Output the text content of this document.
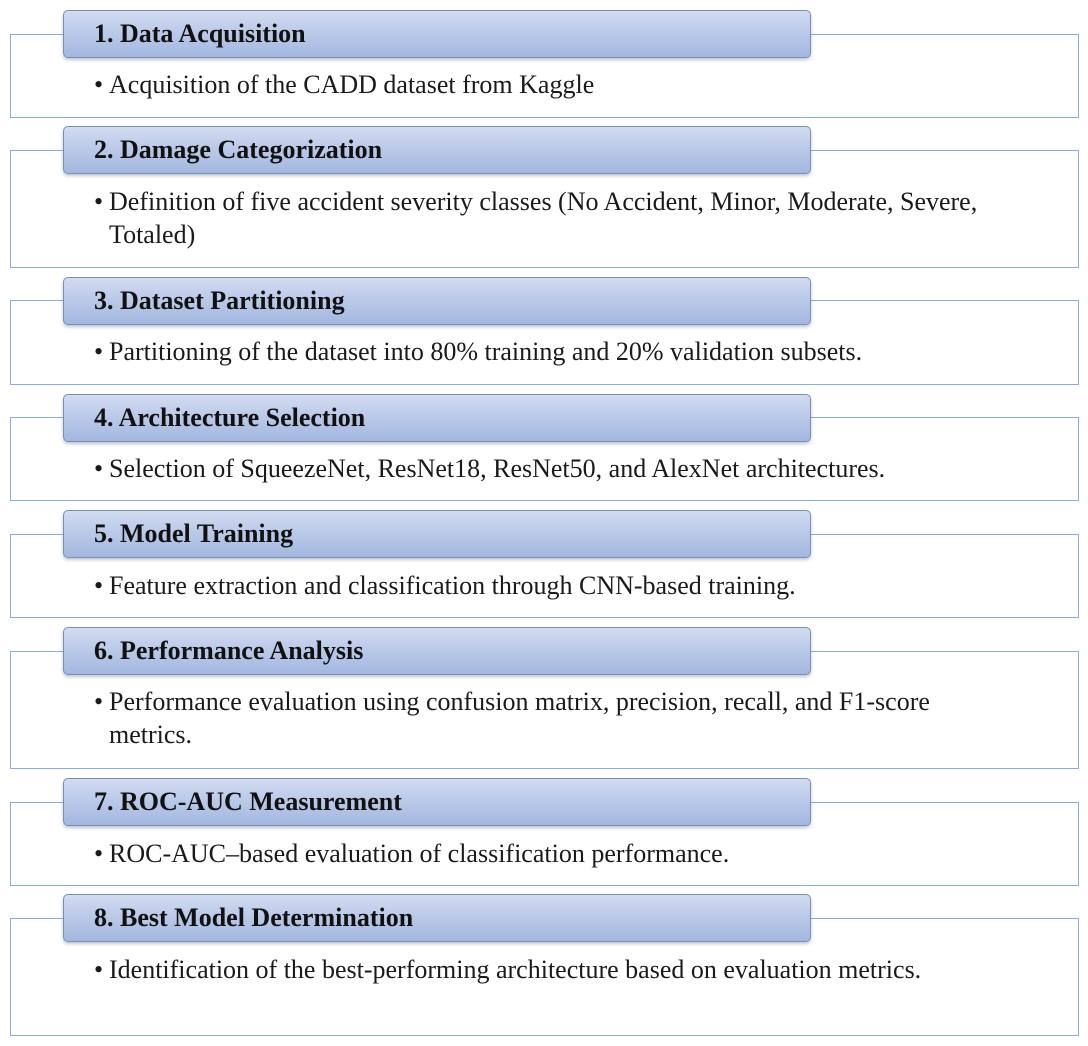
1. Data Acquisition
• Acquisition of the CADD dataset from Kaggle
2. Damage Categorization
• Definition of five accident severity classes (No Accident, Minor, Moderate, Severe, Totaled)
3. Dataset Partitioning
• Partitioning of the dataset into 80% training and 20% validation subsets.
4. Architecture Selection
• Selection of SqueezeNet, ResNet18, ResNet50, and AlexNet architectures.
5. Model Training
• Feature extraction and classification through CNN-based training.
6. Performance Analysis
• Performance evaluation using confusion matrix, precision, recall, and F1-score metrics.
7. ROC-AUC Measurement
• ROC-AUC–based evaluation of classification performance.
8. Best Model Determination
• Identification of the best-performing architecture based on evaluation metrics.
